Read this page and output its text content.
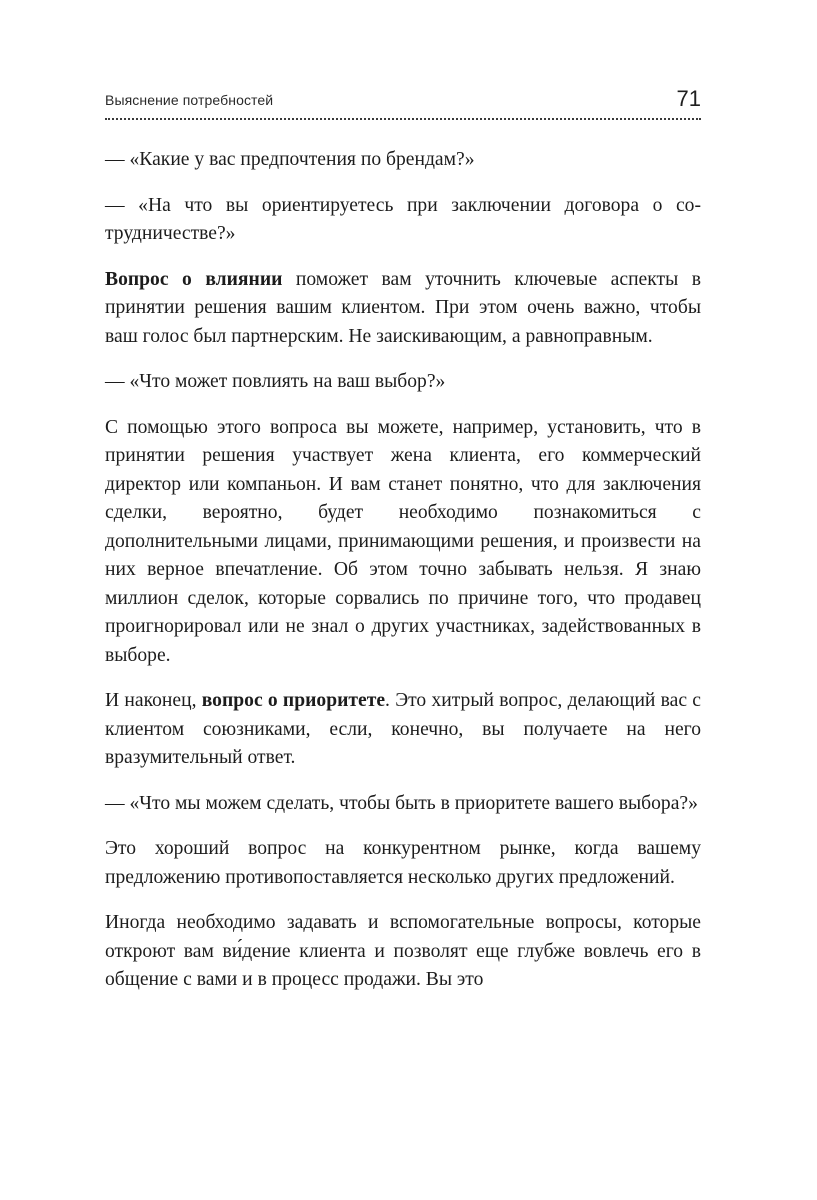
Выяснение потребностей	71

— «Какие у вас предпочтения по брендам?»

— «На что вы ориентируетесь при заключении договора о сотрудничестве?»

Вопрос о влиянии поможет вам уточнить ключевые аспекты в принятии решения вашим клиентом. При этом очень важно, чтобы ваш голос был партнерским. Не заискивающим, а равноправным.

— «Что может повлиять на ваш выбор?»

С помощью этого вопроса вы можете, например, установить, что в принятии решения участвует жена клиента, его коммерческий директор или компаньон. И вам станет понятно, что для заключения сделки, вероятно, будет необходимо познакомиться с дополнительными лицами, принимающими решения, и произвести на них верное впечатление. Об этом точно забывать нельзя. Я знаю миллион сделок, которые сорвались по причине того, что продавец проигнорировал или не знал о других участниках, задействованных в выборе.

И наконец, вопрос о приоритете. Это хитрый вопрос, делающий вас с клиентом союзниками, если, конечно, вы получаете на него вразумительный ответ.

— «Что мы можем сделать, чтобы быть в приоритете вашего выбора?»

Это хороший вопрос на конкурентном рынке, когда вашему предложению противопоставляется несколько других предложений.

Иногда необходимо задавать и вспомогательные вопросы, которые откроют вам ви́дение клиента и позволят еще глубже вовлечь его в общение с вами и в процесс продажи. Вы это
